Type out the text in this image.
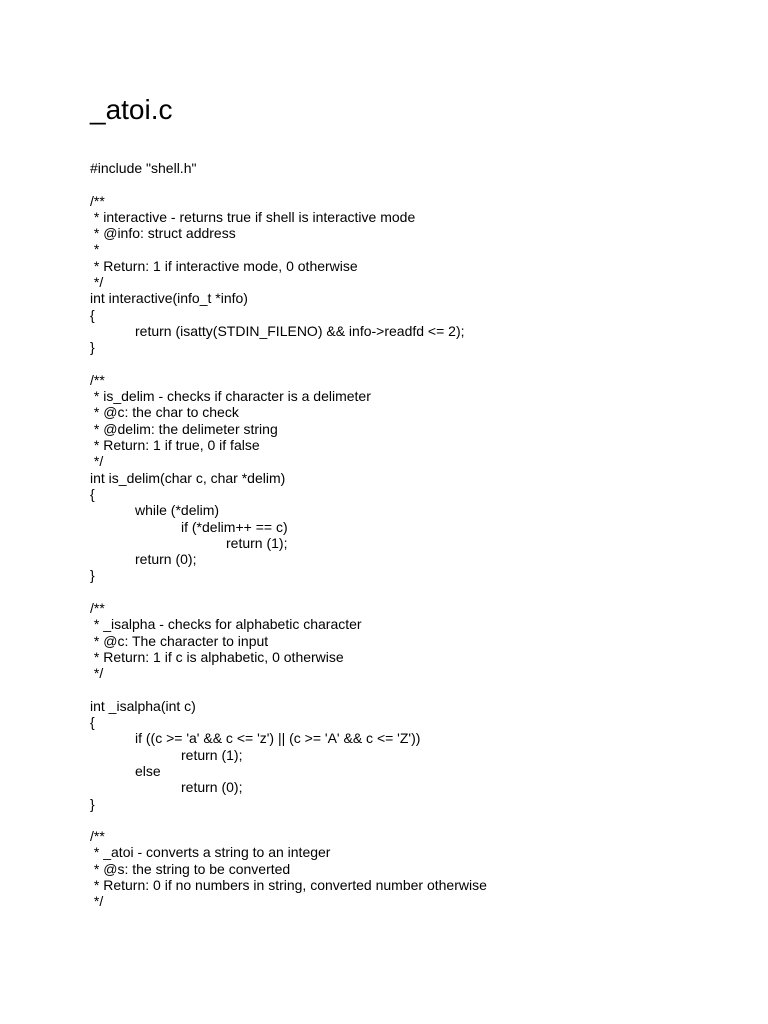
_atoi.c
#include "shell.h"
/**
* interactive - returns true if shell is interactive mode
* @info: struct address
*
* Return: 1 if interactive mode, 0 otherwise
*/
int interactive(info_t *info)
{
return (isatty(STDIN_FILENO) && info->readfd <= 2);
}
/**
* is_delim - checks if character is a delimeter
* @c: the char to check
* @delim: the delimeter string
* Return: 1 if true, 0 if false
*/
int is_delim(char c, char *delim)
{
while (*delim)
if (*delim++ == c)
return (1);
return (0);
}
/**
* _isalpha - checks for alphabetic character
* @c: The character to input
* Return: 1 if c is alphabetic, 0 otherwise
*/
int _isalpha(int c)
{
if ((c >= 'a' && c <= 'z') || (c >= 'A' && c <= 'Z'))
return (1);
else
return (0);
}
/**
* _atoi - converts a string to an integer
* @s: the string to be converted
* Return: 0 if no numbers in string, converted number otherwise
*/
